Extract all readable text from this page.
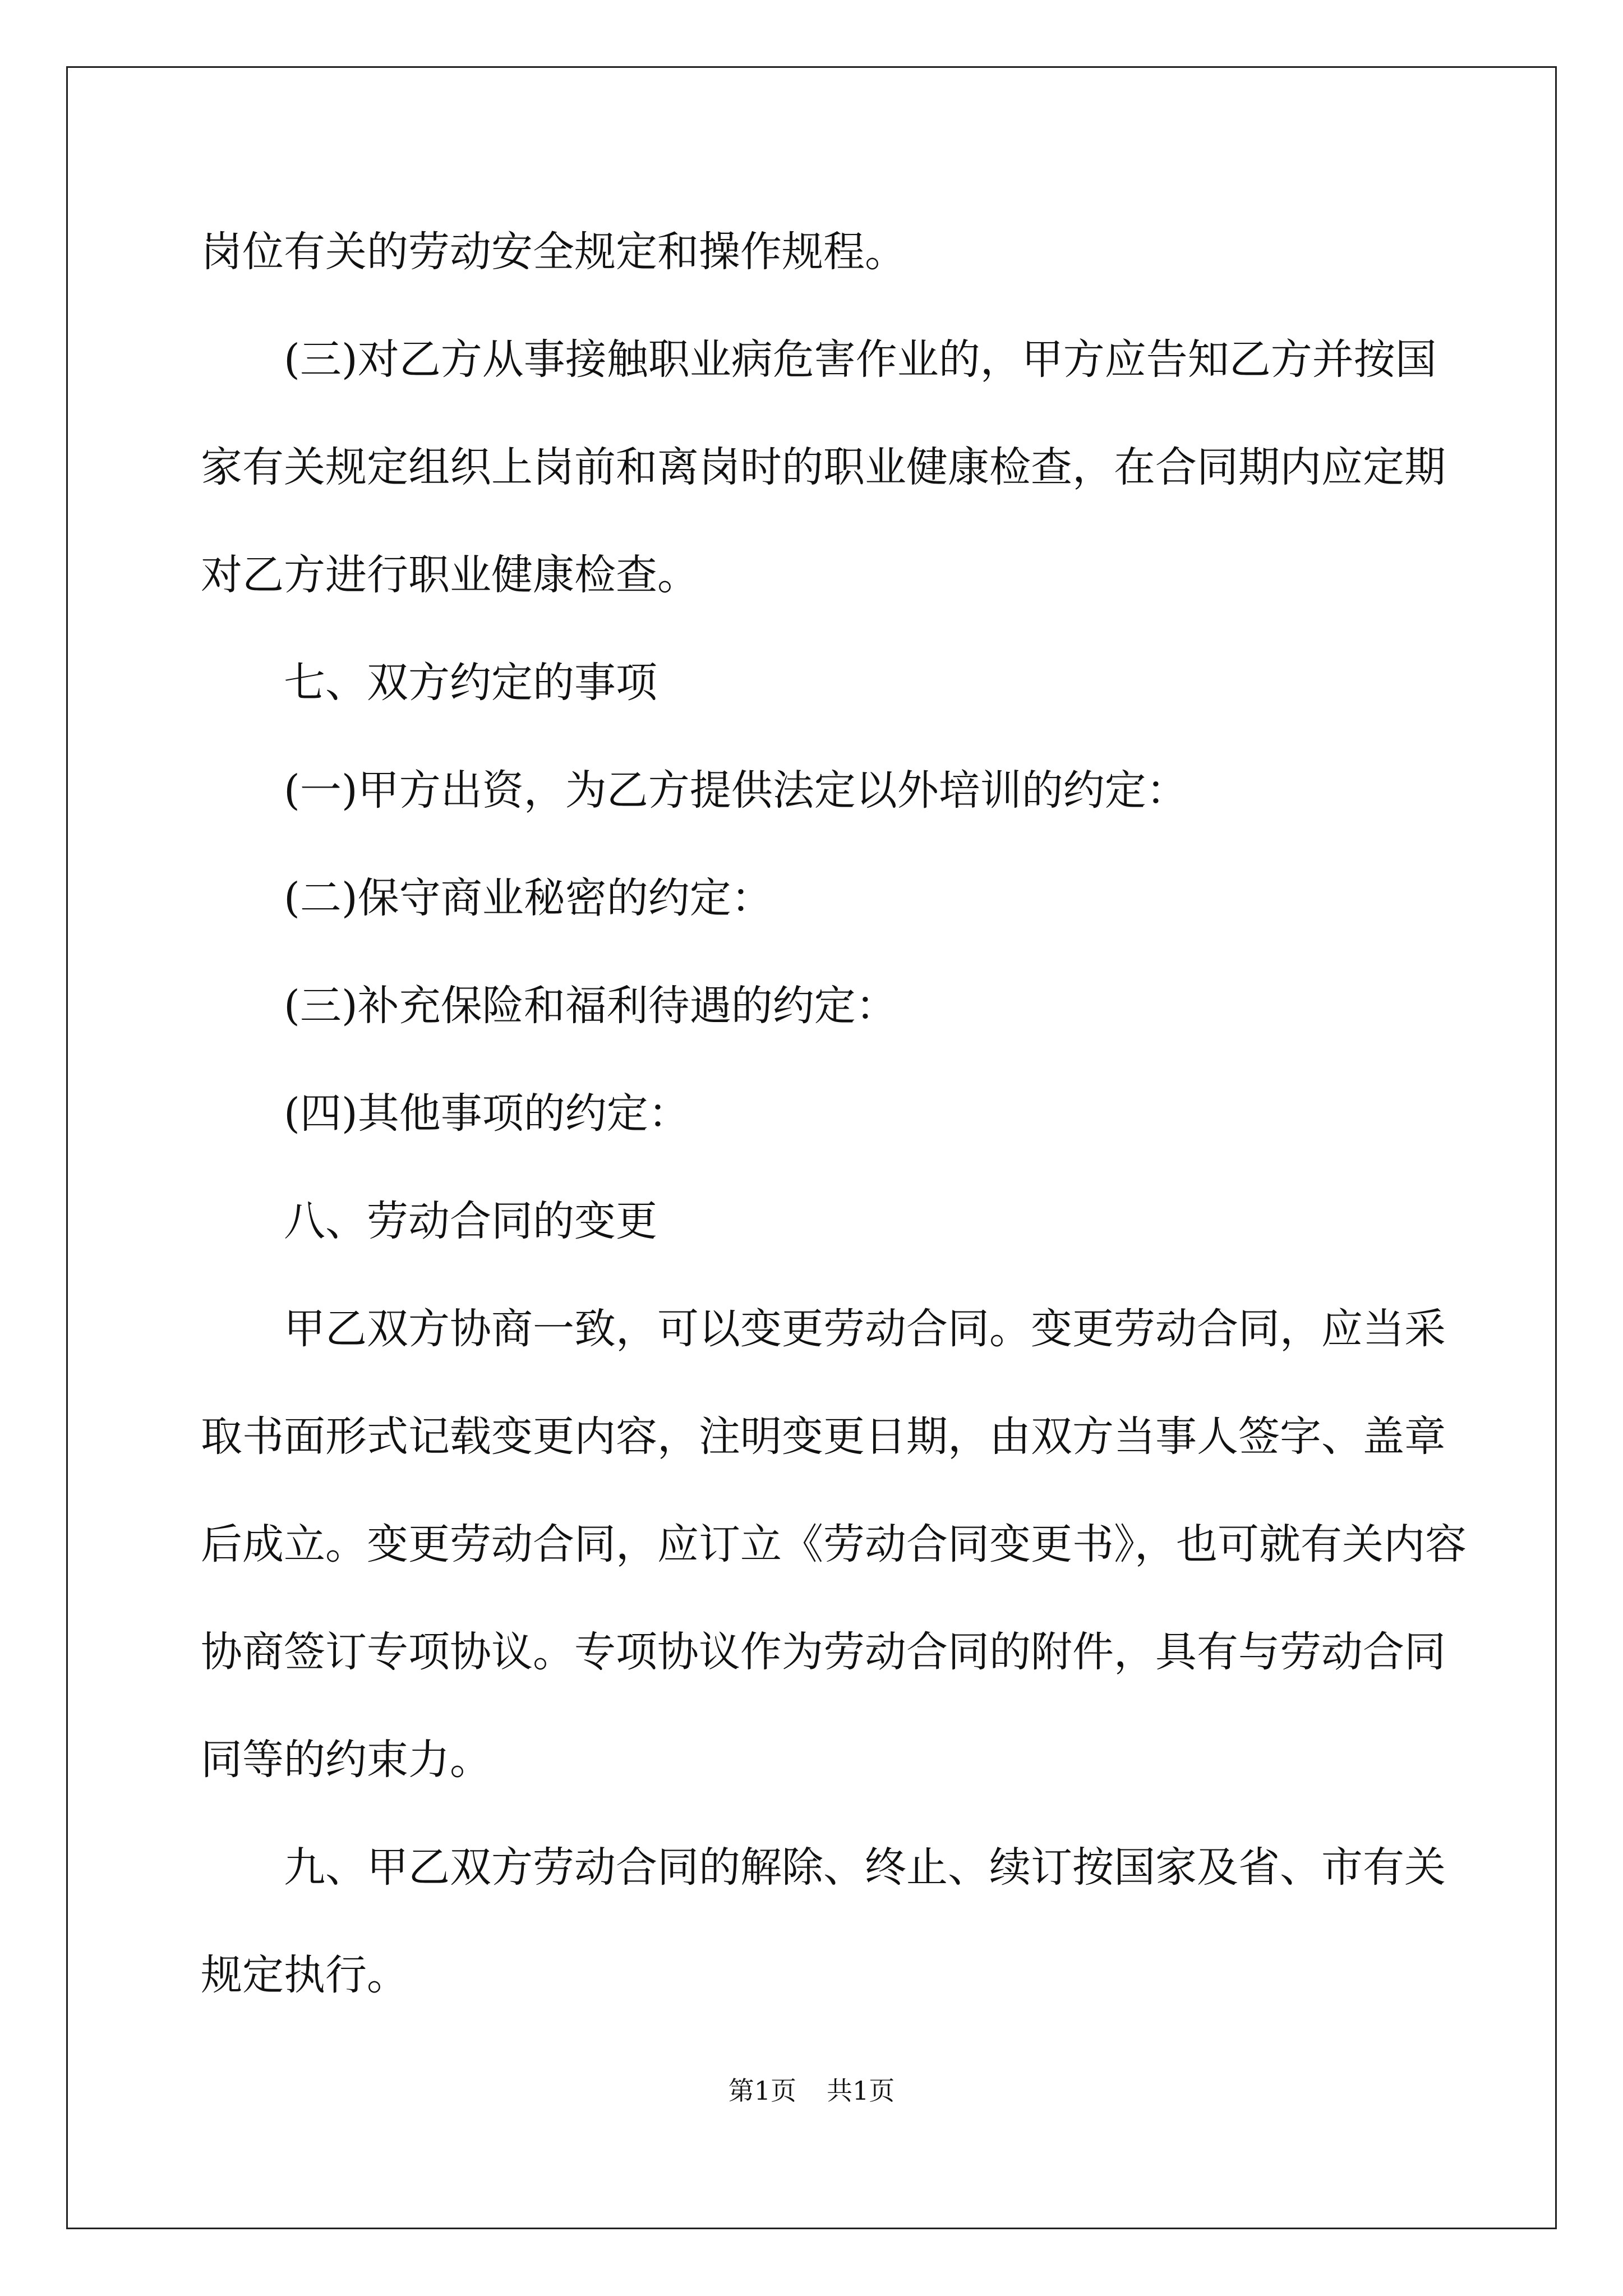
岗位有关的劳动安全规定和操作规程。
(三)对乙方从事接触职业病危害作业的，甲方应告知乙方并按国
家有关规定组织上岗前和离岗时的职业健康检查，在合同期内应定期
对乙方进行职业健康检查。
七、双方约定的事项
(一)甲方出资，为乙方提供法定以外培训的约定：
(二)保守商业秘密的约定：
(三)补充保险和福利待遇的约定：
(四)其他事项的约定：
八、劳动合同的变更
甲乙双方协商一致，可以变更劳动合同。变更劳动合同，应当采
取书面形式记载变更内容，注明变更日期，由双方当事人签字、盖章
后成立。变更劳动合同，应订立《劳动合同变更书》，也可就有关内容
协商签订专项协议。专项协议作为劳动合同的附件，具有与劳动合同
同等的约束力。
九、甲乙双方劳动合同的解除、终止、续订按国家及省、市有关
规定执行。
第1页 共1页
